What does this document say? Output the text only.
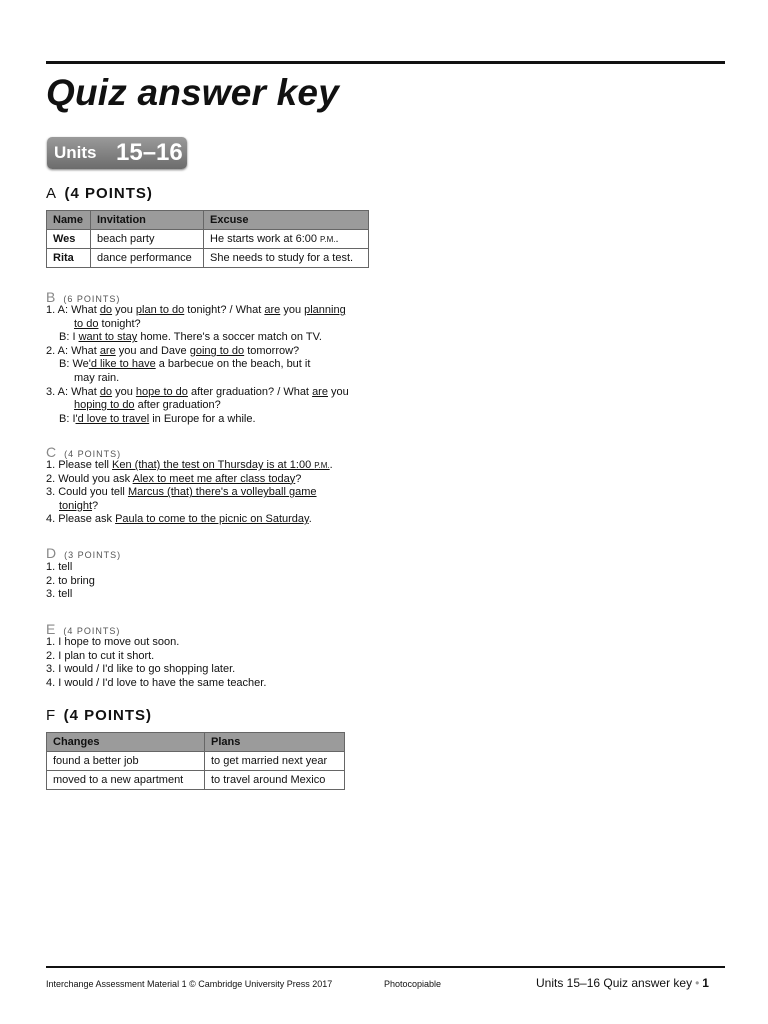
Quiz answer key
Units 15–16
A (4 POINTS)
Name	Invitation	Excuse
Wes	beach party	He starts work at 6:00 P.M..
Rita	dance performance	She needs to study for a test.
B (6 POINTS)
1. A: What do you plan to do tonight? / What are you planning
to do tonight?
B: I want to stay home. There's a soccer match on TV.
2. A: What are you and Dave going to do tomorrow?
B: We'd like to have a barbecue on the beach, but it
may rain.
3. A: What do you hope to do after graduation? / What are you
hoping to do after graduation?
B: I'd love to travel in Europe for a while.
C (4 POINTS)
1. Please tell Ken (that) the test on Thursday is at 1:00 P.M..
2. Would you ask Alex to meet me after class today?
3. Could you tell Marcus (that) there's a volleyball game
tonight?
4. Please ask Paula to come to the picnic on Saturday.
D (3 POINTS)
1. tell
2. to bring
3. tell
E (4 POINTS)
1. I hope to move out soon.
2. I plan to cut it short.
3. I would / I'd like to go shopping later.
4. I would / I'd love to have the same teacher.
F (4 POINTS)
Changes	Plans
found a better job	to get married next year
moved to a new apartment	to travel around Mexico
Interchange Assessment Material 1 © Cambridge University Press 2017	Photocopiable	Units 15–16 Quiz answer key • 1
